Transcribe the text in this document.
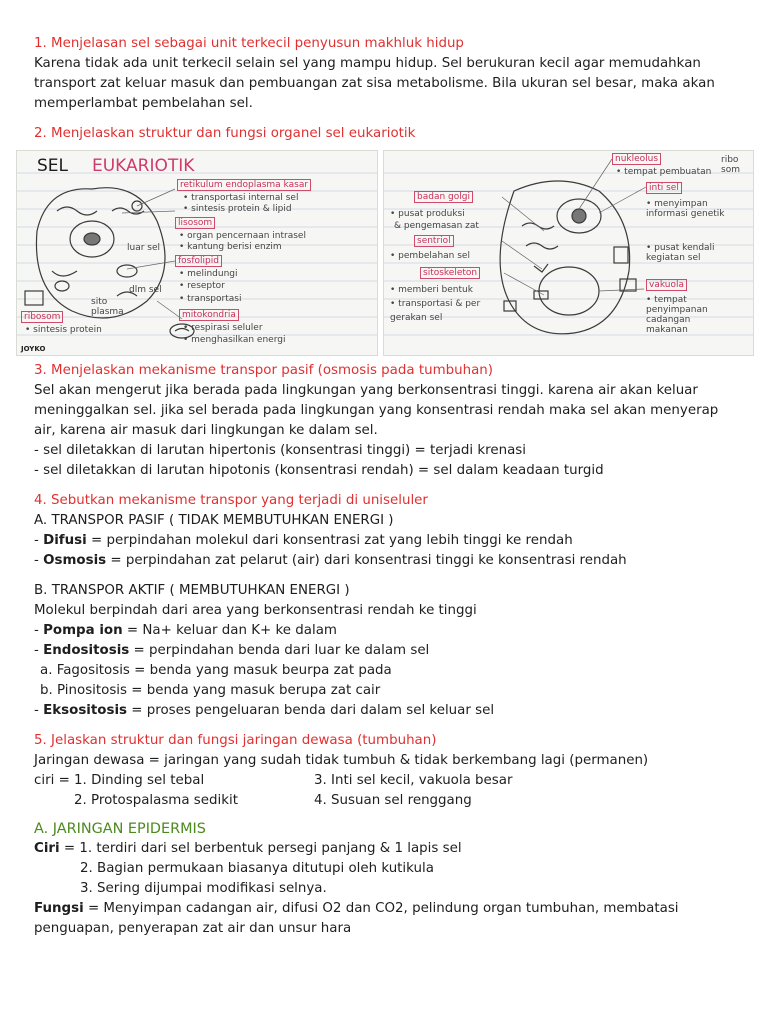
1. Menjelasan sel sebagai unit terkecil penyusun makhluk hidup

Karena tidak ada unit terkecil selain sel yang mampu hidup. Sel berukuran kecil agar memudahkan

transport zat keluar masuk dan pembuangan zat sisa metabolisme. Bila ukuran sel besar, maka akan

memperlambat pembelahan sel.

2. Menjelaskan struktur dan fungsi organel sel eukariotik

3. Menjelaskan mekanisme transpor pasif (osmosis pada tumbuhan)

Sel akan mengerut jika berada pada lingkungan yang berkonsentrasi tinggi. karena air akan keluar

meninggalkan sel. jika sel berada pada lingkungan yang konsentrasi rendah maka sel akan menyerap

air, karena air masuk dari lingkungan ke dalam sel.

- sel diletakkan di larutan hipertonis (konsentrasi tinggi) = terjadi krenasi

- sel diletakkan di larutan hipotonis (konsentrasi rendah) = sel dalam keadaan turgid

4. Sebutkan mekanisme transpor yang terjadi di uniseluler

A. TRANSPOR PASIF ( TIDAK MEMBUTUHKAN ENERGI )

- Difusi = perpindahan molekul dari konsentrasi zat yang lebih tinggi ke rendah

- Osmosis = perpindahan zat pelarut (air) dari konsentrasi tinggi ke konsentrasi rendah

B. TRANSPOR AKTIF ( MEMBUTUHKAN ENERGI )

Molekul berpindah dari area yang berkonsentrasi rendah ke tinggi

- Pompa ion = Na+ keluar dan K+ ke dalam

- Endositosis = perpindahan benda dari luar ke dalam sel

a. Fagositosis = benda yang masuk beurpa zat pada

b. Pinositosis = benda yang masuk berupa zat cair

- Eksositosis = proses pengeluaran benda dari dalam sel keluar sel

5. Jelaskan struktur dan fungsi jaringan dewasa (tumbuhan)

Jaringan dewasa = jaringan yang sudah tidak tumbuh & tidak berkembang lagi (permanen)

ciri = 1. Dinding sel tebal	3. Inti sel kecil, vakuola besar
2. Protospalasma sedikit	4. Susuan sel renggang

A. JARINGAN EPIDERMIS

Ciri = 1. terdiri dari sel berbentuk persegi panjang & 1 lapis sel

2. Bagian permukaan biasanya ditutupi oleh kutikula

3. Sering dijumpai modifikasi selnya.

Fungsi = Menyimpan cadangan air, difusi O2 dan CO2, pelindung organ tumbuhan, membatasi

penguapan, penyerapan zat air dan unsur hara

SEL EUKARIOTIK
retikulum endoplasma kasar
• transportasi internal sel
• sintesis protein & lipid
lisosom
• organ pencernaan intrasel
• kantung berisi enzim
fosfolipid
• melindungi
• reseptor
• transportasi
mitokondria
• respirasi seluler
• menghasilkan energi
ribosom
• sintesis protein
luar sel
dlm sel
sito plasma
JOYKO
nukleolus
• tempat pembuatan
ribo som
inti sel
• menyimpan informasi genetik
• pusat kendali kegiatan sel
badan golgi
• pusat produksi
& pengemasan zat
sentriol
• pembelahan sel
sitoskeleton
• memberi bentuk
• transportasi & per
gerakan sel
vakuola
• tempat penyimpanan cadangan makanan
